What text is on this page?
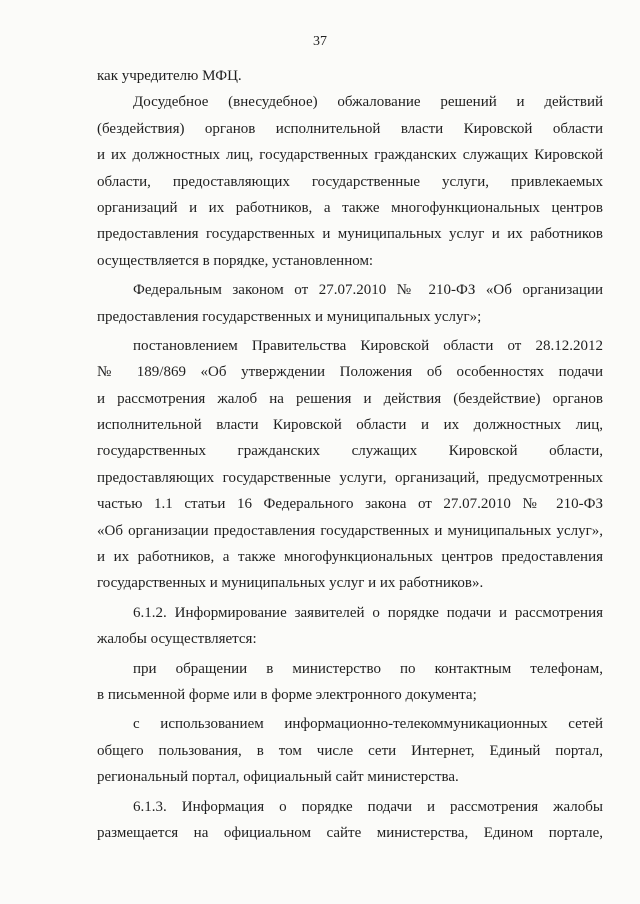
37
как учредителю МФЦ.
Досудебное (внесудебное) обжалование решений и действий
(бездействия) органов исполнительной власти Кировской области
и их должностных лиц, государственных гражданских служащих Кировской
области, предоставляющих государственные услуги, привлекаемых
организаций и их работников, а также многофункциональных центров
предоставления государственных и муниципальных услуг и их работников
осуществляется в порядке, установленном:
Федеральным законом от 27.07.2010 № 210-ФЗ «Об организации
предоставления государственных и муниципальных услуг»;
постановлением Правительства Кировской области от 28.12.2012
№ 189/869 «Об утверждении Положения об особенностях подачи
и рассмотрения жалоб на решения и действия (бездействие) органов
исполнительной власти Кировской области и их должностных лиц,
государственных гражданских служащих Кировской области,
предоставляющих государственные услуги, организаций, предусмотренных
частью 1.1 статьи 16 Федерального закона от 27.07.2010 № 210-ФЗ
«Об организации предоставления государственных и муниципальных услуг»,
и их работников, а также многофункциональных центров предоставления
государственных и муниципальных услуг и их работников».
6.1.2. Информирование заявителей о порядке подачи и рассмотрения
жалобы осуществляется:
при обращении в министерство по контактным телефонам,
в письменной форме или в форме электронного документа;
с использованием информационно-телекоммуникационных сетей
общего пользования, в том числе сети Интернет, Единый портал,
региональный портал, официальный сайт министерства.
6.1.3. Информация о порядке подачи и рассмотрения жалобы
размещается на официальном сайте министерства, Едином портале,
